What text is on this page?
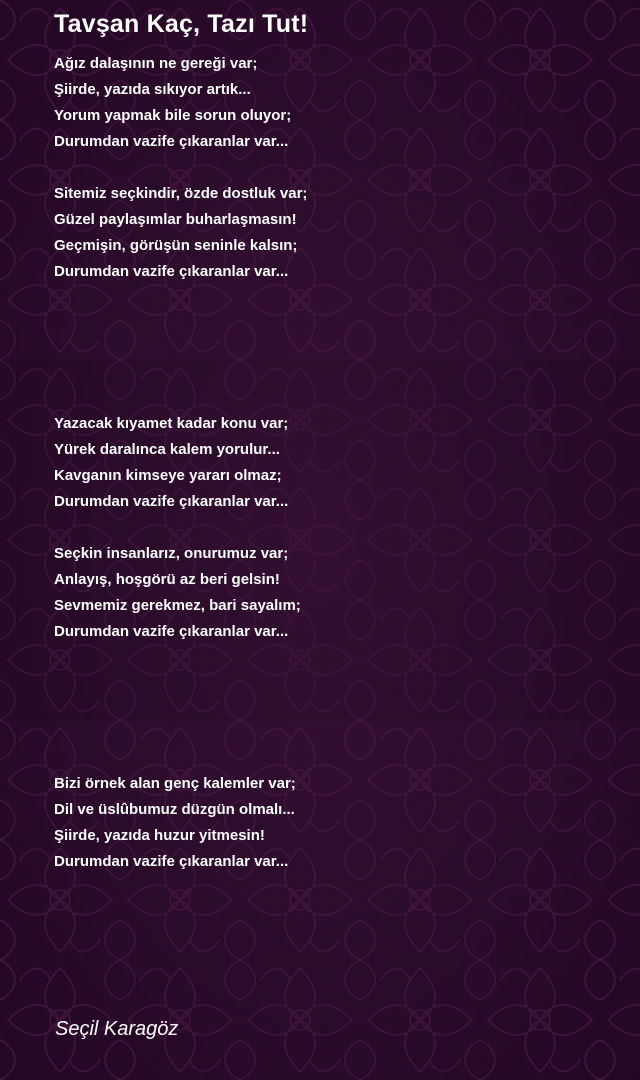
Tavşan Kaç, Tazı Tut!
Ağız dalaşının ne gereği var;
Şiirde, yazıda sıkıyor artık...
Yorum yapmak bile sorun oluyor;
Durumdan vazife çıkaranlar var...
Sitemiz seçkindir, özde dostluk var;
Güzel paylaşımlar buharlaşmasın!
Geçmişin, görüşün seninle kalsın;
Durumdan vazife çıkaranlar var...
Yazacak kıyamet kadar konu var;
Yürek daralınca kalem yorulur...
Kavganın kimseye yararı olmaz;
Durumdan vazife çıkaranlar var...
Seçkin insanlarız, onurumuz var;
Anlayış, hoşgörü az beri gelsin!
Sevmemiz gerekmez, bari sayalım;
Durumdan vazife çıkaranlar var...
Bizi örnek alan genç kalemler var;
Dil ve üslûbumuz düzgün olmalı...
Şiirde, yazıda huzur yitmesin!
Durumdan vazife çıkaranlar var...
Seçil Karagöz
